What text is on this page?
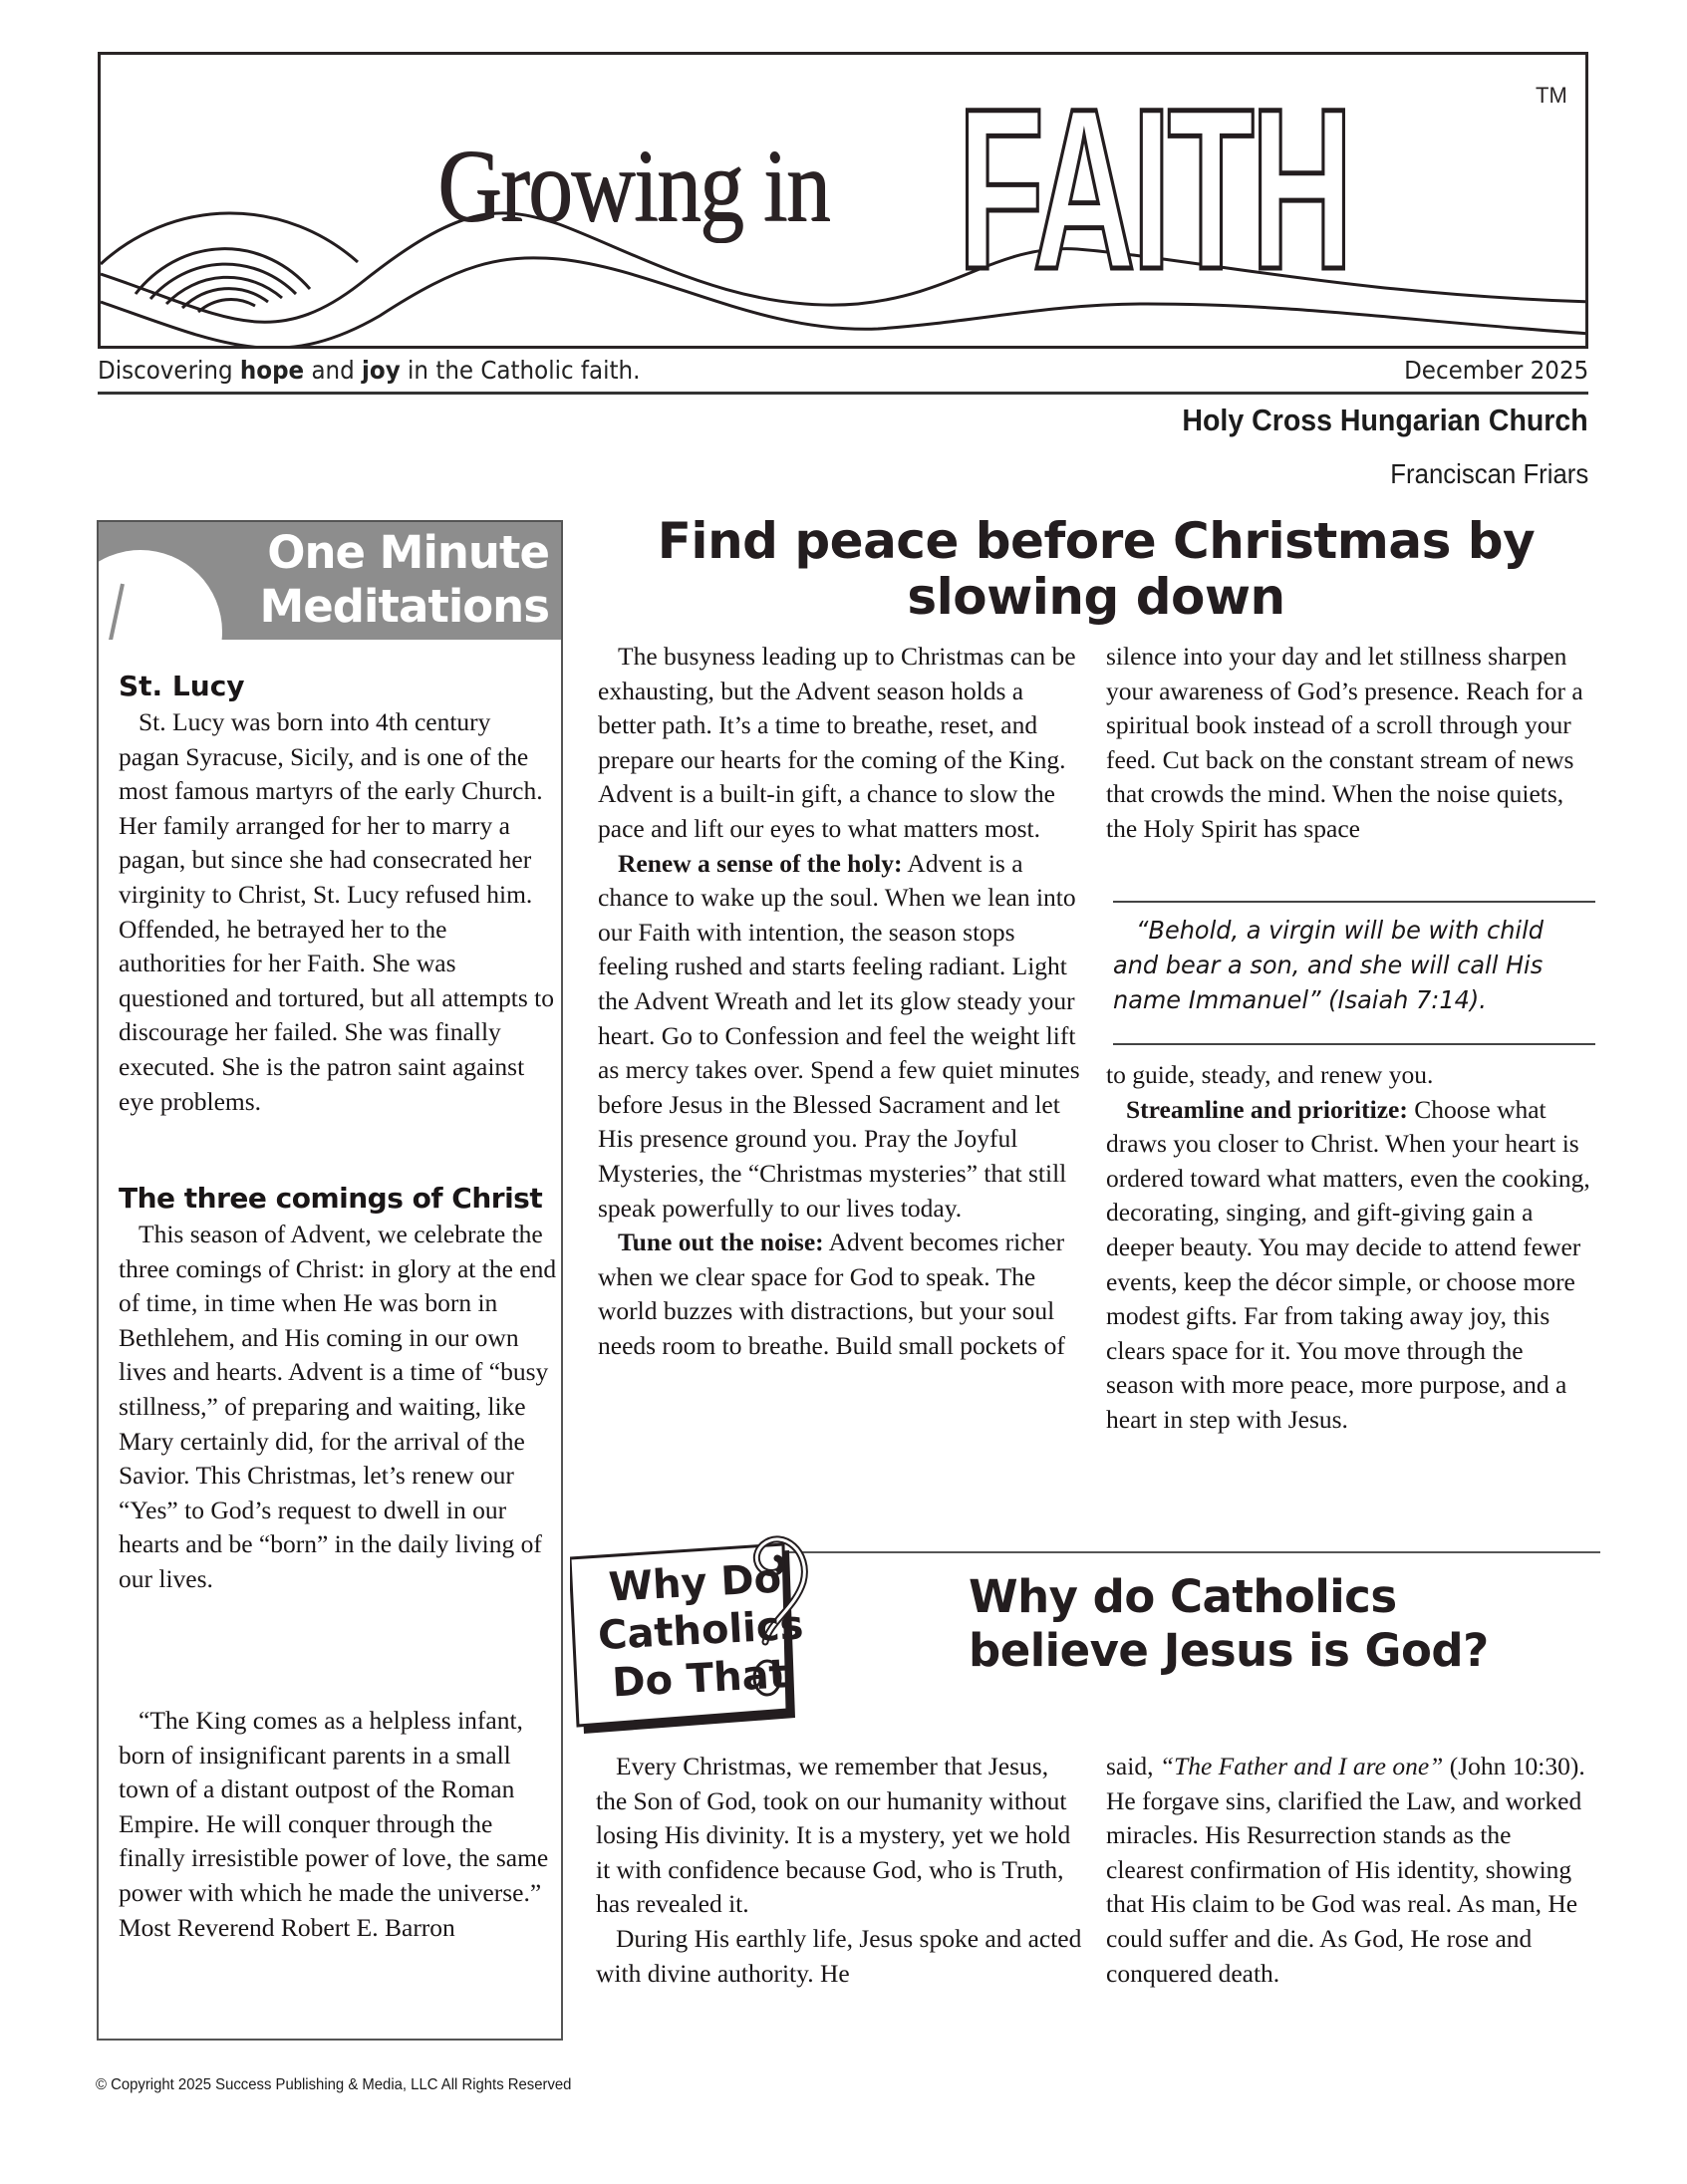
Growing in FAITH	TM
Discovering hope and joy in the Catholic faith.	December 2025
Holy Cross Hungarian Church
Franciscan Friars
One Minute
Meditations
St. Lucy
St. Lucy was born into 4th century pagan Syracuse, Sicily, and is one of the most famous martyrs of the early Church. Her family arranged for her to marry a pagan, but since she had consecrated her virginity to Christ, St. Lucy refused him. Offended, he betrayed her to the authorities for her Faith. She was questioned and tortured, but all attempts to discourage her failed. She was finally executed. She is the patron saint against eye problems.
The three comings of Christ
This season of Advent, we celebrate the three comings of Christ: in glory at the end of time, in time when He was born in Bethlehem, and His coming in our own lives and hearts. Advent is a time of “busy stillness,” of preparing and waiting, like Mary certainly did, for the arrival of the Savior. This Christmas, let’s renew our “Yes” to God’s request to dwell in our hearts and be “born” in the daily living of our lives.
“The King comes as a helpless infant, born of insignificant parents in a small town of a distant outpost of the Roman Empire. He will conquer through the finally irresistible power of love, the same power with which he made the universe.” Most Reverend Robert E. Barron
Find peace before Christmas by slowing down

The busyness leading up to Christmas can be exhausting, but the Advent season holds a better path. It’s a time to breathe, reset, and prepare our hearts for the coming of the King. Advent is a built-in gift, a chance to slow the pace and lift our eyes to what matters most.

Renew a sense of the holy: Advent is a chance to wake up the soul. When we lean into our Faith with intention, the season stops feeling rushed and starts feeling radiant. Light the Advent Wreath and let its glow steady your heart. Go to Confession and feel the weight lift as mercy takes over. Spend a few quiet minutes before Jesus in the Blessed Sacrament and let His presence ground you. Pray the Joyful Mysteries, the “Christmas mysteries” that still speak powerfully to our lives today.

Tune out the noise: Advent becomes richer when we clear space for God to speak. The world buzzes with distractions, but your soul needs room to breathe. Build small pockets of

silence into your day and let stillness sharpen your awareness of God’s presence. Reach for a spiritual book instead of a scroll through your feed. Cut back on the constant stream of news that crowds the mind. When the noise quiets, the Holy Spirit has space

“Behold, a virgin will be with child and bear a son, and she will call His name Immanuel” (Isaiah 7:14).

to guide, steady, and renew you.

Streamline and prioritize: Choose what draws you closer to Christ. When your heart is ordered toward what matters, even the cooking, decorating, singing, and gift-giving gain a deeper beauty. You may decide to attend fewer events, keep the décor simple, or choose more modest gifts. Far from taking away joy, this clears space for it. You move through the season with more peace, more purpose, and a heart in step with Jesus.

Why Do
Catholics
Do That
Why do Catholics
believe Jesus is God?

Every Christmas, we remember that Jesus, the Son of God, took on our humanity without losing His divinity. It is a mystery, yet we hold it with confidence because God, who is Truth, has revealed it.

During His earthly life, Jesus spoke and acted with divine authority. He

said, “The Father and I are one” (John 10:30). He forgave sins, clarified the Law, and worked miracles. His Resurrection stands as the clearest confirmation of His identity, showing that His claim to be God was real. As man, He could suffer and die. As God, He rose and conquered death.

© Copyright 2025 Success Publishing & Media, LLC All Rights Reserved
